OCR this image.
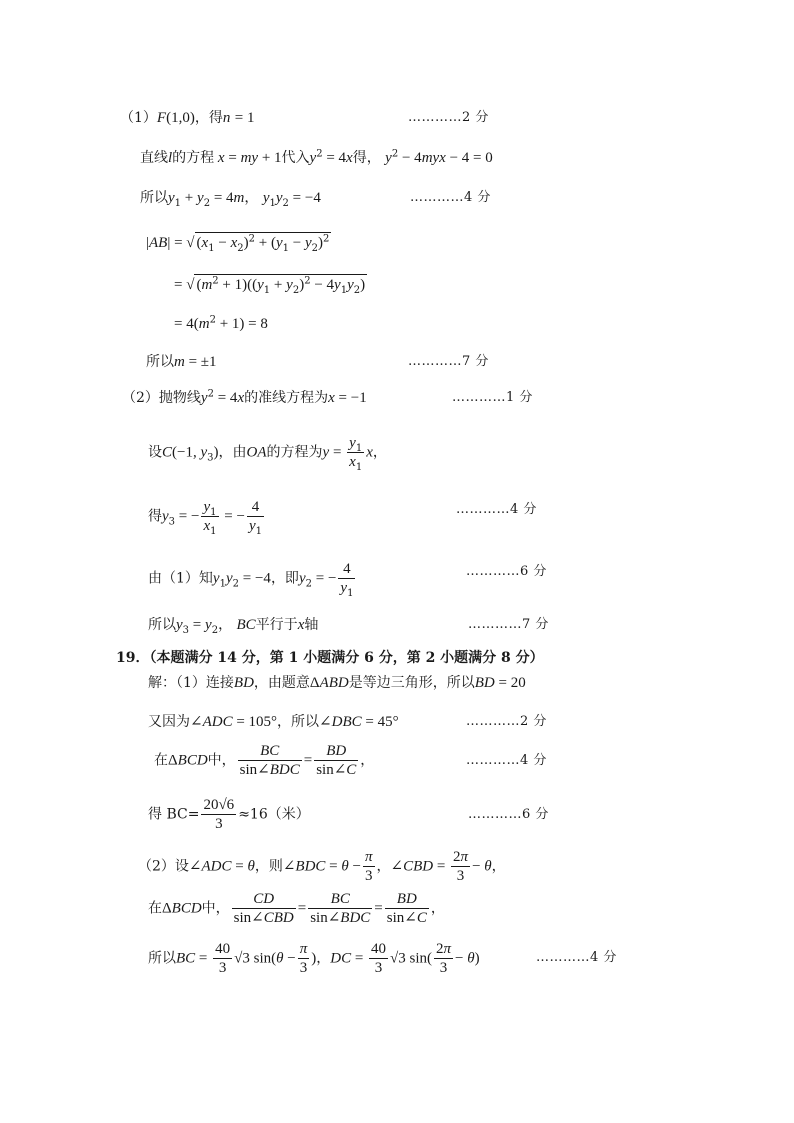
（1）F(1,0)，得n = 1	…………2 分
直线l的方程 x = my + 1代入$y^2 = 4x$得， $y^2 - 4myx - 4 = 0$
所以$y_1 + y_2 = 4m$， $y_1y_2 = -4$	…………4 分
|AB| = √ $(x_1 - x_2)^2 + (y_1 - y_2)^2$
= √ $(m^2 + 1)((y_1 + y_2)^2 - 4y_1y_2)$
= $4(m^2 + 1) = 8$
所以m = ±1	…………7 分
（2）抛物线$y^2 = 4x$的准线方程为x = −1	…………1 分
设C(−1, $y_3$)，由OA的方程为$y = \frac{y_1}{x_1}$ x，
得$y_3$ = − $\frac{y_1}{x_1}$ = − $\frac{4}{y_1}$	…………4 分
由（1）知$y_1y_2 = -4$，即$y_2$ = − $\frac{4}{y_1}$	…………6 分
所以$y_3 = y_2$， BC平行于x轴	…………7 分
19．（本题满分 14 分，第 1 小题满分 6 分，第 2 小题满分 8 分）
解：（1）连接BD，由题意ΔABD是等边三角形，所以BD = 20
又因为∠ADC = 105°，所以∠DBC = 45°	…………2 分
在ΔBCD中， $\frac{BC}{\text{sin∠BDC}} = \frac{BD}{\sin\angle C}$ ，	…………4 分
得 $BC= \frac{20√6}{3} \approx 16$（米）	…………6 分
（2）设∠ADC = θ，则∠BDC = $\theta - \frac{\pi}{3}$ ，∠CBD = $\frac{2\pi}{3} - \theta$，
在ΔBCD中， $\frac{CD}{\text{sin∠CBD}} = \frac{BC}{\text{sin∠BDC}} = \frac{BD}{\sin\angle C}$ ，
所以BC = $\frac{40}{3} √3$ $\sin(\theta - \frac{\pi}{3}$ )，DC = $\frac{40}{3} √3$ $\sin( \frac{2\pi}{3} - \theta)$	…………4 分
